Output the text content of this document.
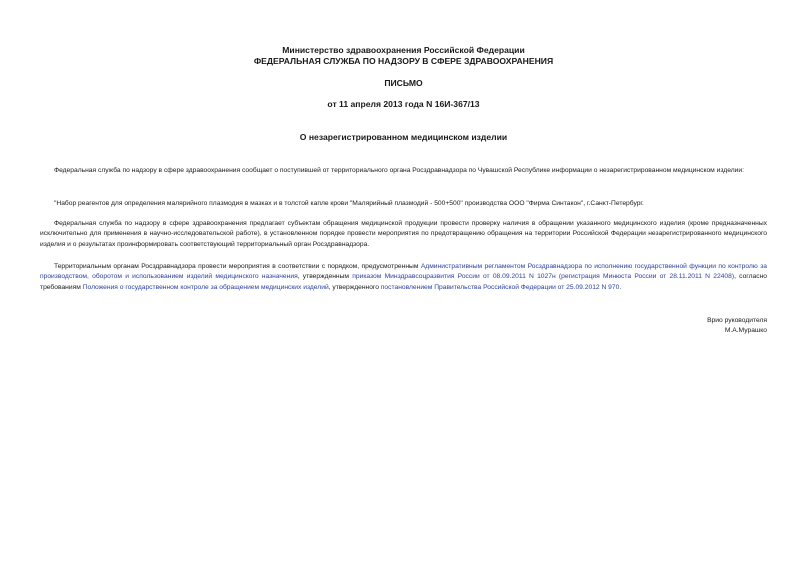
Министерство здравоохранения Российской Федерации
ФЕДЕРАЛЬНАЯ СЛУЖБА ПО НАДЗОРУ В СФЕРЕ ЗДРАВООХРАНЕНИЯ
ПИСЬМО
от 11 апреля 2013 года N 16И-367/13
О незарегистрированном медицинском изделии

Федеральная служба по надзору в сфере здравоохранения сообщает о поступившей от территориального органа Росздравнадзора по Чувашской Республике информации о незарегистрированном медицинском изделии:

"Набор реагентов для определения малярийного плазмодия в мазках и в толстой капле крови "Малярийный плазмодий - 500+500" производства ООО "Фирма Синтакон", г.Санкт-Петербург.

Федеральная служба по надзору в сфере здравоохранения предлагает субъектам обращения медицинской продукции провести проверку наличия в обращении указанного медицинского изделия (кроме предназначенных исключительно для применения в научно-исследовательской работе), в установленном порядке провести мероприятия по предотвращению обращения на территории Российской Федерации незарегистрированного медицинского изделия и о результатах проинформировать соответствующий территориальный орган Росздравнадзора.

Территориальным органам Росздравнадзора провести мероприятия в соответствии с порядком, предусмотренным Административным регламентом Росздравнадзора по исполнению государственной функции по контролю за производством, оборотом и использованием изделий медицинского назначения, утвержденным приказом Минздравсоцразвития России от 08.09.2011 N 1027н (регистрация Минюста России от 28.11.2011 N 22408), согласно требованиям Положения о государственном контроле за обращением медицинских изделий, утвержденного постановлением Правительства Российской Федерации от 25.09.2012 N 970.

Врио руководителя
М.А.Мурашко
